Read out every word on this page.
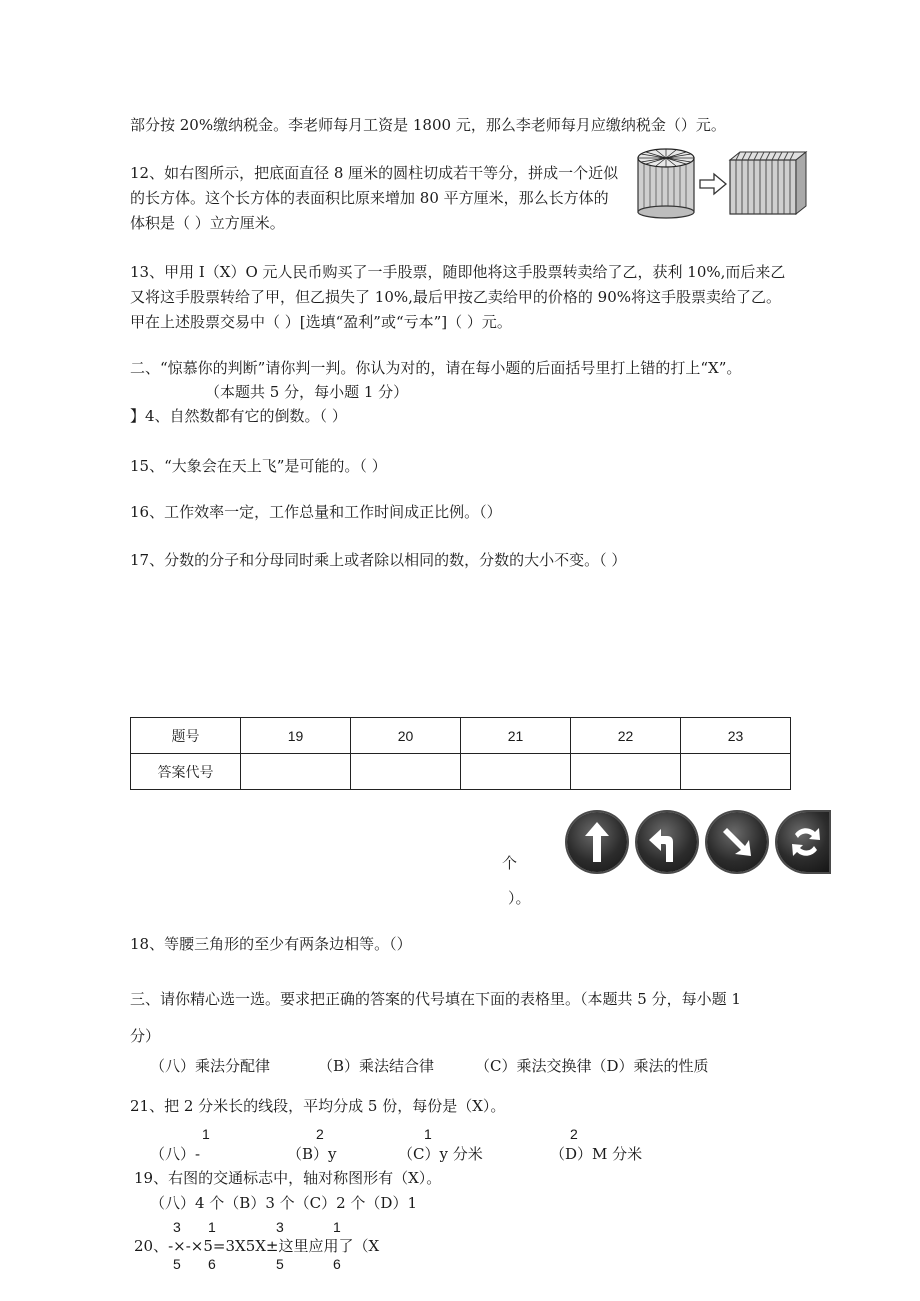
部分按 20%缴纳税金。李老师每月工资是 1800 元，那么李老师每月应缴纳税金（）元。
12、如右图所示，把底面直径 8 厘米的圆柱切成若干等分，拼成一个近似
的长方体。这个长方体的表面积比原来增加 80 平方厘米，那么长方体的
体积是（ ）立方厘米。
13、甲用 I（X）O 元人民币购买了一手股票，随即他将这手股票转卖给了乙，获利 10%,而后来乙
又将这手股票转给了甲，但乙损失了 10%,最后甲按乙卖给甲的价格的 90%将这手股票卖给了乙。
甲在上述股票交易中（ ）[选填“盈利”或“亏本”]（ ）元。
二、“惊慕你的判断”请你判一判。你认为对的，请在每小题的后面括号里打上错的打上“X”。
（本题共 5 分，每小题 1 分）
】4、自然数都有它的倒数。（ ）
15、“大象会在天上飞”是可能的。（ ）
16、工作效率一定，工作总量和工作时间成正比例。（）
17、分数的分子和分母同时乘上或者除以相同的数，分数的大小不变。（ ）
题号	19	20	21	22	23
答案代号					
个
）。
18、等腰三角形的至少有两条边相等。（）
三、请你精心选一选。要求把正确的答案的代号填在下面的表格里。（本题共 5 分，每小题 1
分）
（八）乘法分配律	（B）乘法结合律	（C）乘法交换律（D）乘法的性质
21、把 2 分米长的线段，平均分成 5 份，每份是（X）。
1	2	1	2
（八）-	（B）y	（C）y 分米	（D）M 分米
19、右图的交通标志中，轴对称图形有（X）。
（八）4 个（B）3 个（C）2 个（D）1
3 1	3	1
20、-×-×5=3X5X±这里应用了（X
5 6	5	6
